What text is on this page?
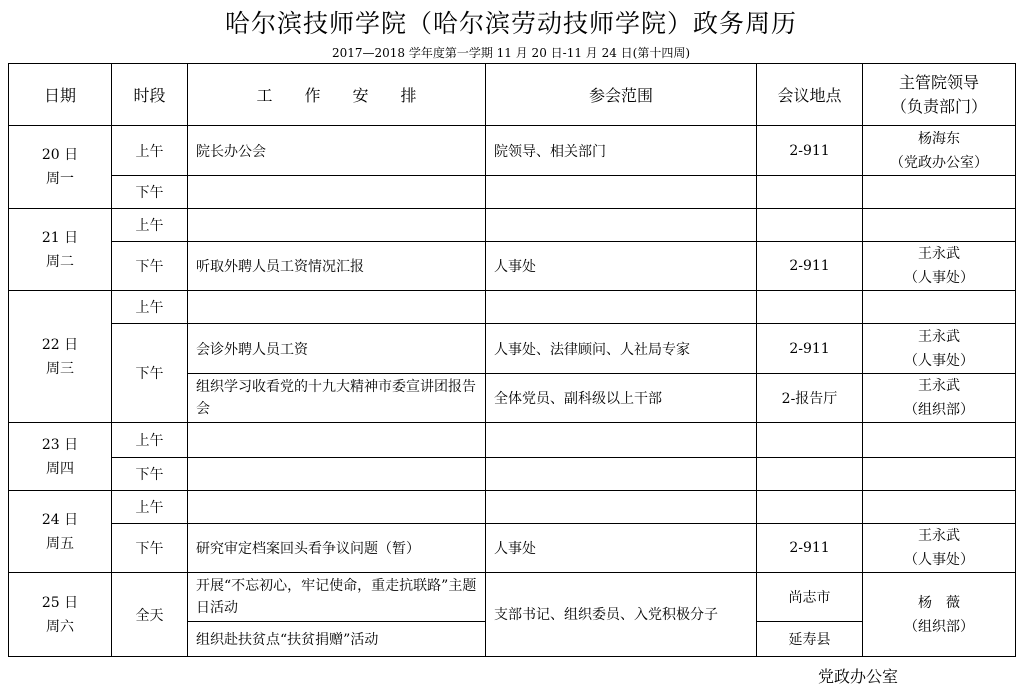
哈尔滨技师学院（哈尔滨劳动技师学院）政务周历
2017—2018 学年度第一学期 11 月 20 日-11 月 24 日(第十四周)
日期	时段	工　　作　　安　　排	参会范围	会议地点	主管院领导
（负责部门）

20 日
周一	上午	院长办公会	院领导、相关部门	2-911	杨海东
（党政办公室）

	下午				

21 日
周二	上午				
	下午	听取外聘人员工资情况汇报	人事处	2-911	王永武
（人事处）

22 日
周三	上午				
	下午	会诊外聘人员工资	人事处、法律顾问、人社局专家	2-911	王永武
（人事处）

		组织学习收看党的十九大精神市委宣讲团报告会	全体党员、副科级以上干部	2-报告厅	王永武
（组织部）

23 日
周四	上午				
	下午				

24 日
周五	上午				
	下午	研究审定档案回头看争议问题（暂）	人事处	2-911	王永武
（人事处）

25 日
周六	全天	开展“不忘初心，牢记使命，重走抗联路”主题日活动	支部书记、组织委员、入党积极分子	尚志市	杨　薇
（组织部）

		组织赴扶贫点“扶贫捐赠”活动		延寿县	
党政办公室
